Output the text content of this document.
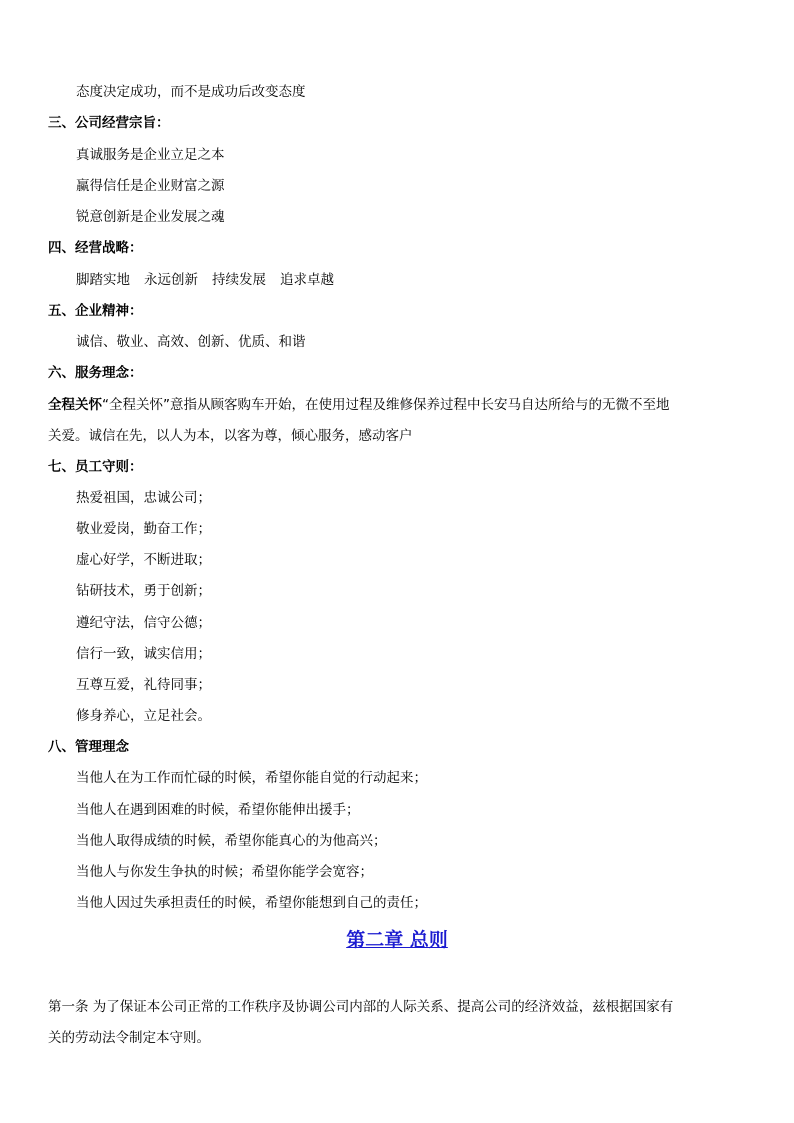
态度决定成功，而不是成功后改变态度
三、公司经营宗旨：
真诚服务是企业立足之本
赢得信任是企业财富之源
锐意创新是企业发展之魂
四、经营战略：
脚踏实地 永远创新 持续发展 追求卓越
五、企业精神：
诚信、敬业、高效、创新、优质、和谐
六、服务理念：
全程关怀“全程关怀”意指从顾客购车开始，在使用过程及维修保养过程中长安马自达所给与的无微不至地
关爱。诚信在先，以人为本，以客为尊，倾心服务，感动客户
七、员工守则：
热爱祖国，忠诚公司；
敬业爱岗，勤奋工作；
虚心好学，不断进取；
钻研技术，勇于创新；
遵纪守法，信守公德；
信行一致，诚实信用；
互尊互爱，礼待同事；
修身养心，立足社会。
八、管理理念
当他人在为工作而忙碌的时候，希望你能自觉的行动起来；
当他人在遇到困难的时候，希望你能伸出援手；
当他人取得成绩的时候，希望你能真心的为他高兴；
当他人与你发生争执的时候；希望你能学会宽容；
当他人因过失承担责任的时候，希望你能想到自己的责任；
第二章 总则
第一条 为了保证本公司正常的工作秩序及协调公司内部的人际关系、提高公司的经济效益，兹根据国家有
关的劳动法令制定本守则。
